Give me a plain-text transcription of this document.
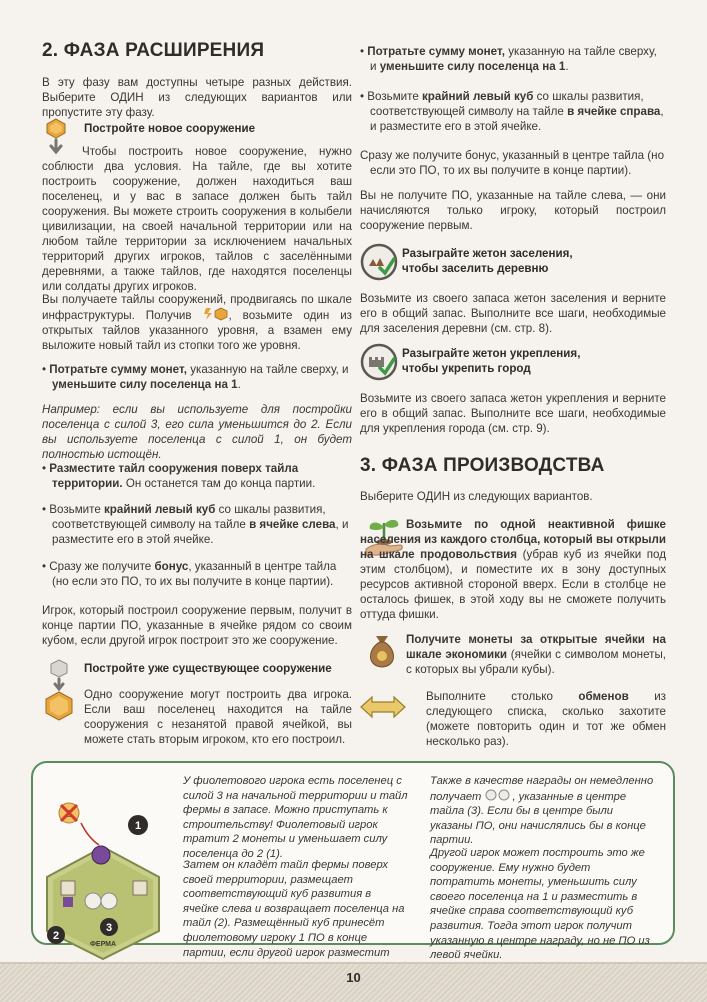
2. ФАЗА РАСШИРЕНИЯ

В эту фазу вам доступны четыре разных действия. Выберите ОДИН из следующих вариантов или пропустите эту фазу.

Постройте новое сооружение

Чтобы построить новое сооружение, нужно соблюсти два условия. На тайле, где вы хотите построить сооружение, должен находиться ваш поселенец, и у вас в запасе должен быть тайл сооружения. Вы можете строить сооружения в колыбели цивилизации, на своей начальной территории или на любом тайле территории за исключением начальных территорий других игроков, тайлов с заселёнными деревнями, а также тайлов, где находятся поселенцы или солдаты других игроков.

Вы получаете тайлы сооружений, продвигаясь по шкале инфраструктуры. Получив	, возьмите один из открытых тайлов указанного уровня, а взамен ему выложите новый тайл из стопки того же уровня.

• Потратьте сумму монет, указанную на тайле сверху, и уменьшите силу поселенца на 1.

Например: если вы используете для постройки поселенца с силой 3, его сила уменьшится до 2. Если вы используете поселенца с силой 1, он будет полностью истощён.

• Разместите тайл сооружения поверх тайла территории. Он останется там до конца партии.

• Возьмите крайний левый куб со шкалы развития, соответствующей символу на тайле в ячейке слева, и разместите его в этой ячейке.

• Сразу же получите бонус, указанный в центре тайла (но если это ПО, то их вы получите в конце партии).

Игрок, который построил сооружение первым, получит в конце партии ПО, указанные в ячейке рядом со своим кубом, если другой игрок построит это же сооружение.

Постройте уже существующее сооружение

Одно сооружение могут построить два игрока. Если ваш поселенец находится на тайле сооружения с незанятой правой ячейкой, вы можете стать вторым игроком, кто его построил.

• Потратьте сумму монет, указанную на тайле сверху, и уменьшите силу поселенца на 1.

• Возьмите крайний левый куб со шкалы развития, соответствующей символу на тайле в ячейке справа, и разместите его в этой ячейке.

Сразу же получите бонус, указанный в центре тайла (но если это ПО, то их вы получите в конце партии).

Вы не получите ПО, указанные на тайле слева, — они начисляются только игроку, который построил сооружение первым.

Разыграйте жетон заселения,
чтобы заселить деревню

Возьмите из своего запаса жетон заселения и верните его в общий запас. Выполните все шаги, необходимые для заселения деревни (см. стр. 8).

Разыграйте жетон укрепления,
чтобы укрепить город

Возьмите из своего запаса жетон укрепления и верните его в общий запас. Выполните все шаги, необходимые для укрепления города (см. стр. 9).

3. ФАЗА ПРОИЗВОДСТВА

Выберите ОДИН из следующих вариантов.

Возьмите по одной неактивной фишке населения из каждого столбца, который вы открыли на шкале продовольствия (убрав куб из ячейки под этим столбцом), и поместите их в зону доступных ресурсов активной стороной вверх. Если в столбце не осталось фишек, в этой ходу вы не сможете получить оттуда фишки.

Получите монеты за открытые ячейки на шкале экономики (ячейки с символом монеты, с которых вы убрали кубы).

Выполните столько обменов из следующего списка, сколько захотите (можете повторить один и тот же обмен несколько раз).

ФЕРМА
1
2
3

У фиолетового игрока есть поселенец с силой 3 на начальной территории и тайл фермы в запасе. Можно приступать к строительству! Фиолетовый игрок тратит 2 монеты и уменьшает силу поселенца до 2 (1).

Затем он кладёт тайл фермы поверх своей территории, размещает соответствующий куб развития в ячейке слева и возвращает поселенца на тайл (2). Размещённый куб принесёт фиолетовому игроку 1 ПО в конце партии, если другой игрок разместит

Также в качестве награды он немедленно получает	, указанные в центре тайла (3). Если бы в центре были указаны ПО, они начислялись бы в конце партии.

Другой игрок может построить это же сооружение. Ему нужно будет потратить монеты, уменьшить силу своего поселенца на 1 и разместить в ячейке справа соответствующий куб развития. Тогда этот игрок получит указанную в центре награду, но не ПО из левой ячейки.

10
